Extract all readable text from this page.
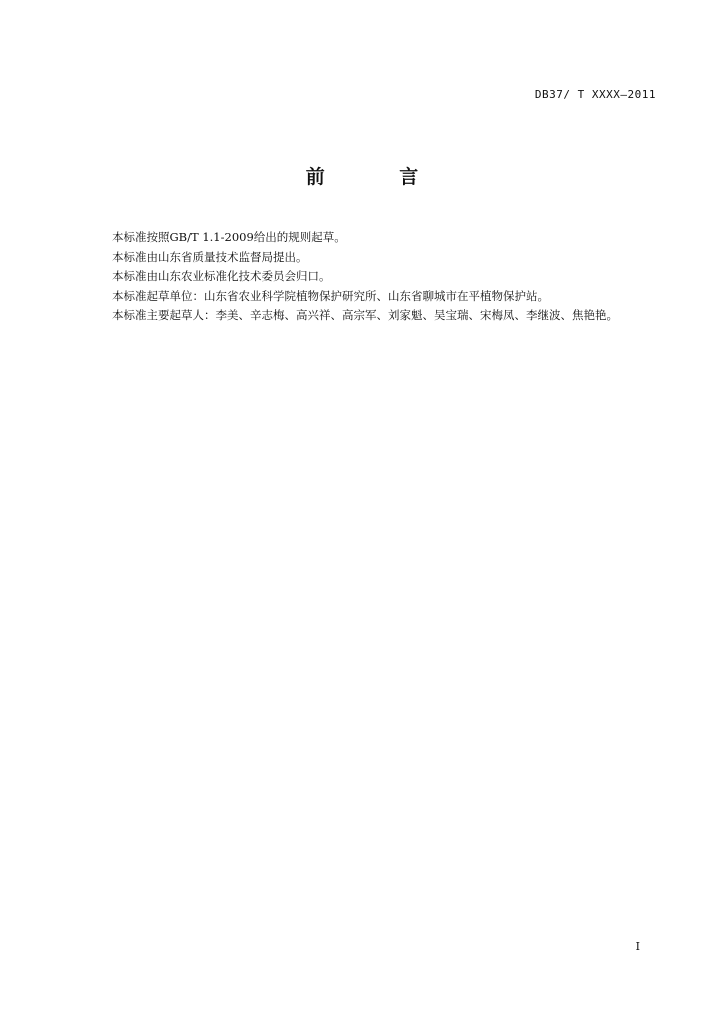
DB37/ T XXXX—2011
前 言

本标准按照GB/T 1.1-2009给出的规则起草。

本标准由山东省质量技术监督局提出。

本标准由山东农业标准化技术委员会归口。

本标准起草单位：山东省农业科学院植物保护研究所、山东省聊城市在平植物保护站。

本标准主要起草人：李美、辛志梅、高兴祥、高宗军、刘家魁、吴宝瑞、宋梅凤、李继波、焦艳艳。

I
